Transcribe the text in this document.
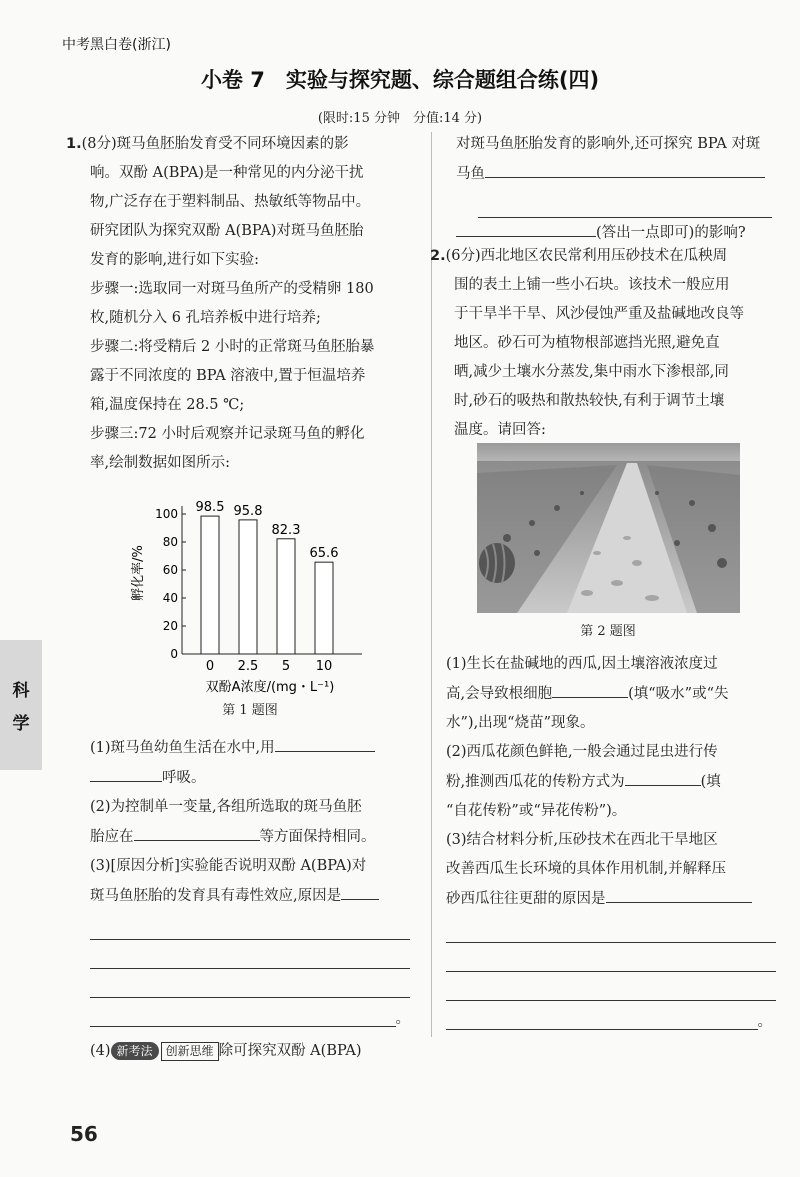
中考黑白卷(浙江)
小卷 7　实验与探究题、综合题组合练(四)
(限时:15 分钟　分值:14 分)

1.(8分)斑马鱼胚胎发育受不同环境因素的影

响。双酚 A(BPA)是一种常见的内分泌干扰

物,广泛存在于塑料制品、热敏纸等物品中。

研究团队为探究双酚 A(BPA)对斑马鱼胚胎

发育的影响,进行如下实验:

步骤一:选取同一对斑马鱼所产的受精卵 180

枚,随机分入 6 孔培养板中进行培养;

步骤二:将受精后 2 小时的正常斑马鱼胚胎暴

露于不同浓度的 BPA 溶液中,置于恒温培养

箱,温度保持在 28.5 ℃;

步骤三:72 小时后观察并记录斑马鱼的孵化

率,绘制数据如图所示:

0
20
40
60
80
100 98.5
0
95.8
2.5
82.3
5
65.6
10
孵化率/%
双酚A浓度/(mg・L⁻¹)
第 1 题图

(1)斑马鱼幼鱼生活在水中,用

呼吸。

(2)为控制单一变量,各组所选取的斑马鱼胚

胎应在	等方面保持相同。

(3)[原因分析]实验能否说明双酚 A(BPA)对

斑马鱼胚胎的发育具有毒性效应,原因是

。

(4) 新考法 创新思维 除可探究双酚 A(BPA)

对斑马鱼胚胎发育的影响外,还可探究 BPA 对斑

马鱼

(答出一点即可)的影响?

2.(6分)西北地区农民常利用压砂技术在瓜秧周

围的表土上铺一些小石块。该技术一般应用

于干旱半干旱、风沙侵蚀严重及盐碱地改良等

地区。砂石可为植物根部遮挡光照,避免直

晒,减少土壤水分蒸发,集中雨水下渗根部,同

时,砂石的吸热和散热较快,有利于调节土壤

温度。请回答:

第 2 题图

(1)生长在盐碱地的西瓜,因土壤溶液浓度过

高,会导致根细胞	(填“吸水”或“失

水”),出现“烧苗”现象。

(2)西瓜花颜色鲜艳,一般会通过昆虫进行传

粉,推测西瓜花的传粉方式为	(填

“自花传粉”或“异花传粉”)。

(3)结合材料分析,压砂技术在西北干旱地区

改善西瓜生长环境的具体作用机制,并解释压

砂西瓜往往更甜的原因是

。
科
学
56
